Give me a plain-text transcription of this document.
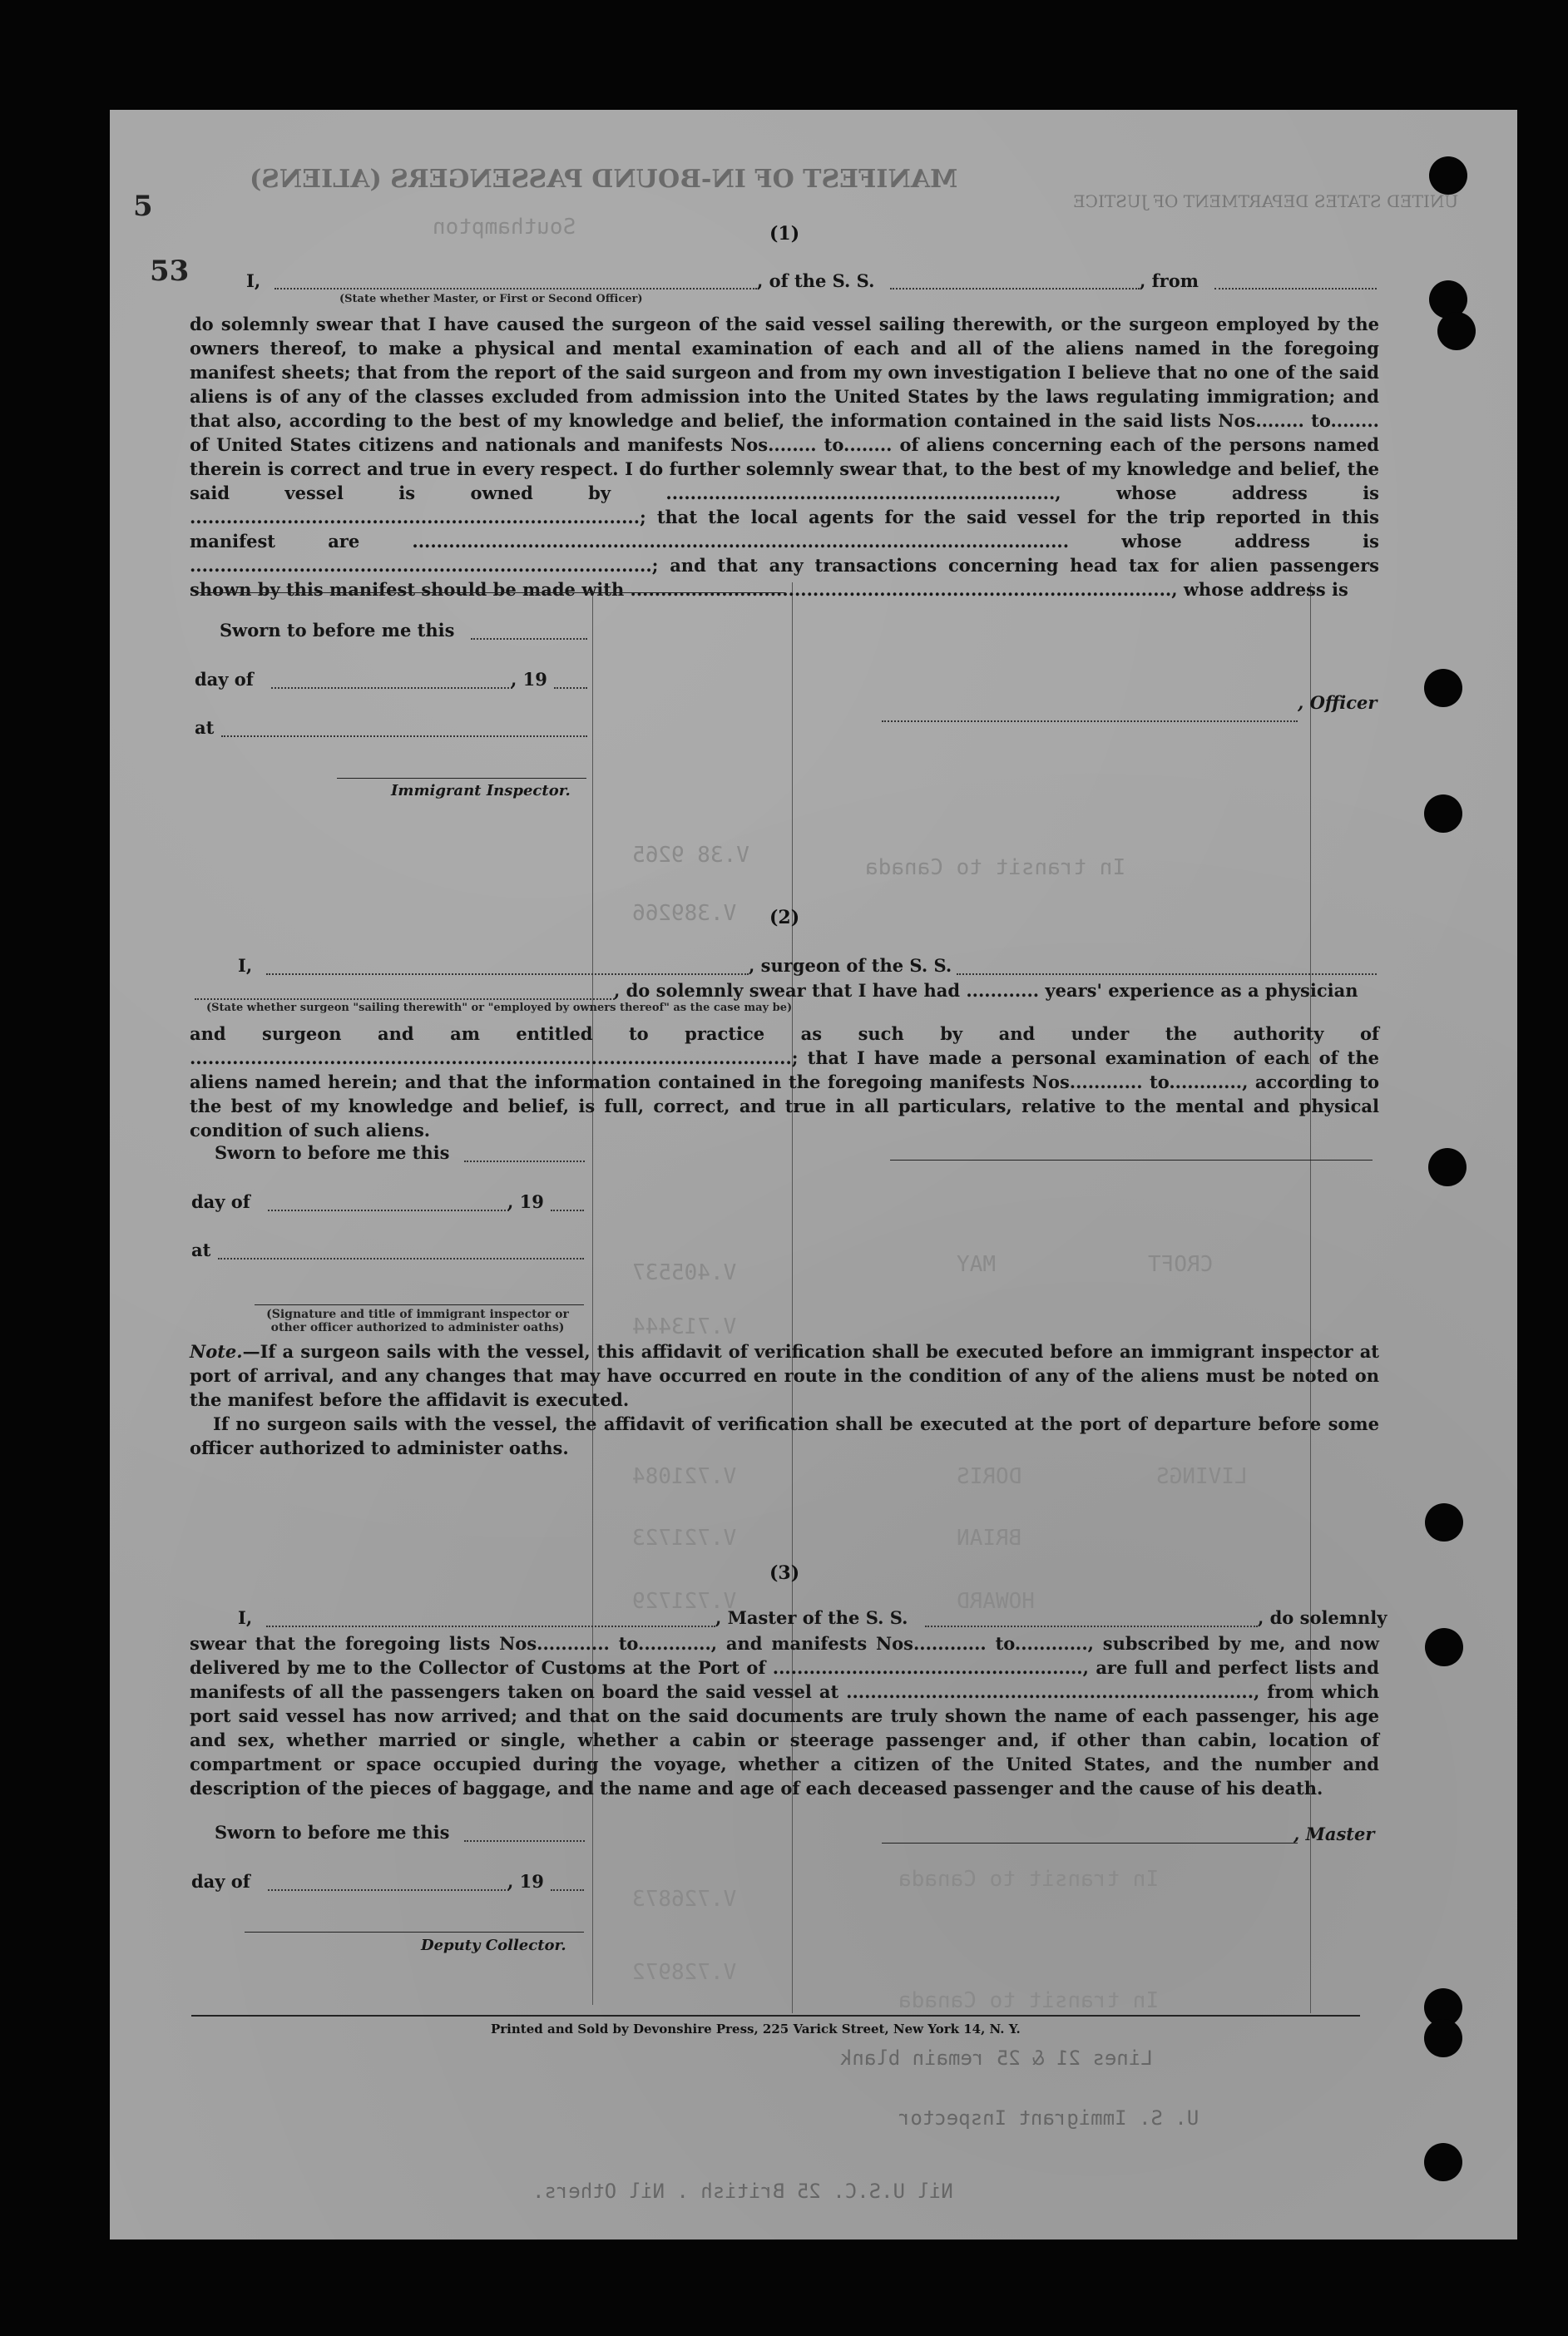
5
53
MANIFEST OF IN-BOUND PASSENGERS (ALIENS)
UNITED STATES DEPARTMENT OF JUSTICE
Southampton
V.38 9265
V.389266
V.405537
V.713444
V.721084
V.721723
V.721729
V.726873
V.728972
In transit to Canada
CROFT
MAY
LIVINGS
DORIS
BRIAN
HOWARD
In transit to Canada
In transit to Canada
Lines 21 & 25 remain blank
U. S. Immigrant Inspector
Nil U.S.C. 25 British . Nil Others.
(1)
I,	, of the S. S.	, from
(State whether Master, or First or Second Officer)
do solemnly swear that I have caused the surgeon of the said vessel sailing therewith, or the surgeon employed by the owners thereof, to make a physical and mental examination of each and all of the aliens named in the foregoing manifest sheets; that from the report of the said surgeon and from my own investigation I believe that no one of the said aliens is of any of the classes excluded from admission into the United States by the laws regulating immigration; and that also, according to the best of my knowledge and belief, the information contained in the said lists Nos........ to........ of United States citizens and nationals and manifests Nos........ to........ of aliens concerning each of the persons named therein is correct and true in every respect. I do further solemnly swear that, to the best of my knowledge and belief, the said vessel is owned by ................................................................, whose address is ..........................................................................; that the local agents for the said vessel for the trip reported in this manifest are ............................................................................................................ whose address is ............................................................................; and that any transactions concerning head tax for alien passengers shown by this manifest should be made with ........................................................................................., whose address is
Sworn to before me this
day of	, 19
at
Immigrant Inspector.
, Officer
(2)
I,	, surgeon of the S. S.
, do solemnly swear that I have had ............ years' experience as a physician
(State whether surgeon "sailing therewith" or "employed by owners thereof" as the case may be)
and surgeon and am entitled to practice as such by and under the authority of ...................................................................................................; that I have made a personal examination of each of the aliens named herein; and that the information contained in the foregoing manifests Nos............ to............, according to the best of my knowledge and belief, is full, correct, and true in all particulars, relative to the mental and physical condition of such aliens.
Sworn to before me this
day of	, 19
at
(Signature and title of immigrant inspector or other officer authorized to administer oaths)
Note.—If a surgeon sails with the vessel, this affidavit of verification shall be executed before an immigrant inspector at port of arrival, and any changes that may have occurred en route in the condition of any of the aliens must be noted on the manifest before the affidavit is executed.
If no surgeon sails with the vessel, the affidavit of verification shall be executed at the port of departure before some officer authorized to administer oaths.
(3)
I,	, Master of the S. S.	, do solemnly
swear that the foregoing lists Nos............ to............, and manifests Nos............ to............, subscribed by me, and now delivered by me to the Collector of Customs at the Port of ..................................................., are full and perfect lists and manifests of all the passengers taken on board the said vessel at ..................................................................., from which port said vessel has now arrived; and that on the said documents are truly shown the name of each passenger, his age and sex, whether married or single, whether a cabin or steerage passenger and, if other than cabin, location of compartment or space occupied during the voyage, whether a citizen of the United States, and the number and description of the pieces of baggage, and the name and age of each deceased passenger and the cause of his death.
Sworn to before me this
day of	, 19
Deputy Collector.
, Master
Printed and Sold by Devonshire Press, 225 Varick Street, New York 14, N. Y.
